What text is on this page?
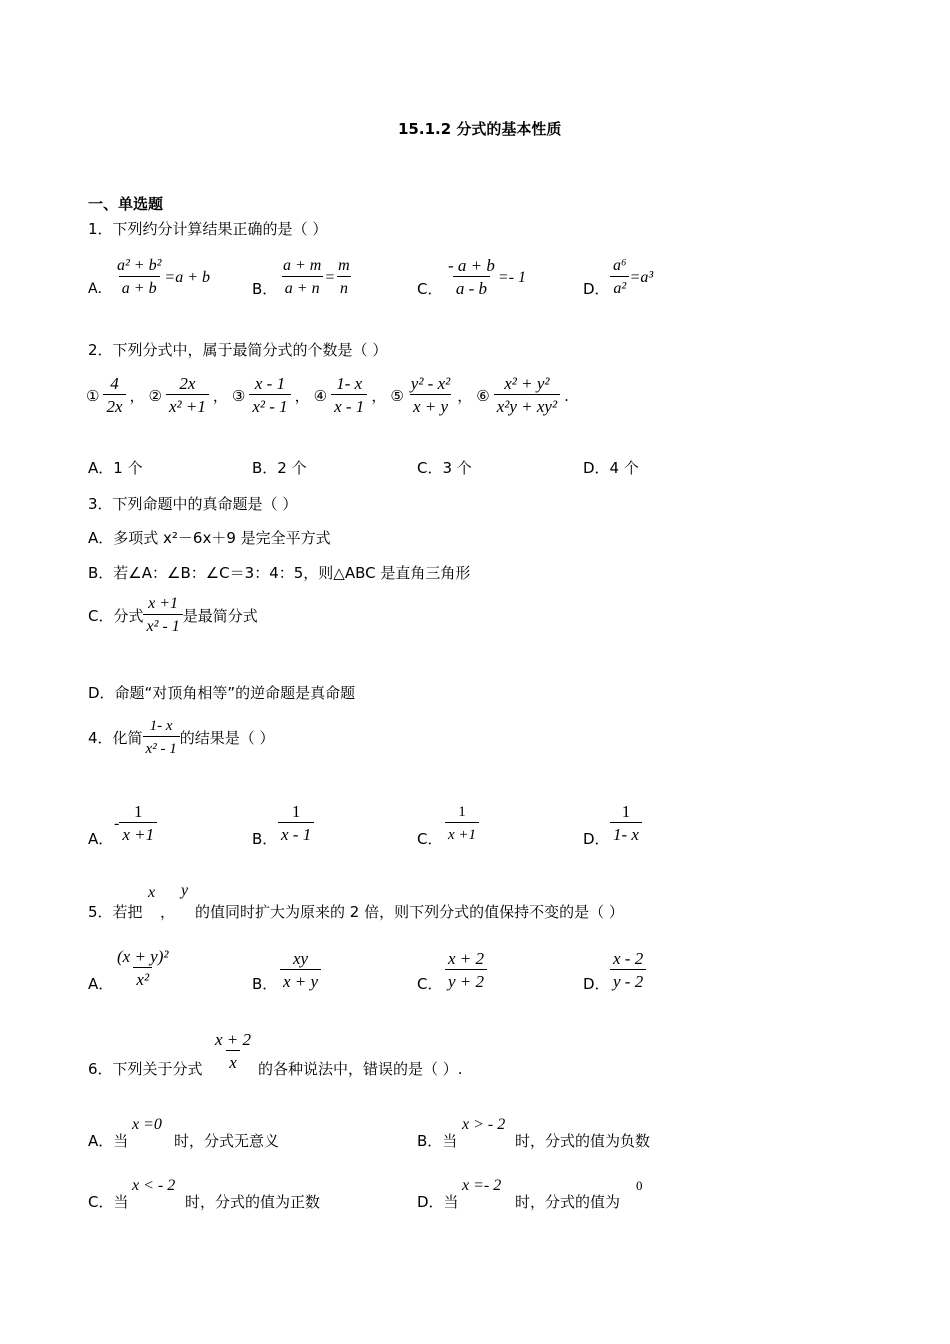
15.1.2 分式的基本性质
一、单选题
1．下列约分计算结果正确的是（ ）
A． $\frac{\text{a² + b²}}{a + b} =a + b$
B． $\frac{a + m}{a + n} = \frac{m}{n}$	C． $\frac{- a + b}{a - b} =- 1$
D． $\frac{\text{a⁶}}{\text{a²}} =a^3$
2．下列分式中，属于最简分式的个数是（ ）
① $\frac{4}{2x}$ ， ② $\frac{2x}{\text{x² +1}}$ ， ③ $\frac{x - 1}{\text{x² - 1}}$ ， ④ $\frac{1- x}{x - 1}$ ， ⑤ $\frac{\text{y² - x²}}{x + y}$ ， ⑥ $\frac{\text{x² + y²}}{\text{x²y + xy²}}$ .
A．1 个	B．2 个	C．3 个	D．4 个
3．下列命题中的真命题是（ ）
A．多项式 x²－6x＋9 是完全平方式
B．若∠A：∠B：∠C＝3：4：5，则△ABC 是直角三角形
C．分式 $\frac{x +1}{\text{x² - 1}}$ 是最简分式
D．命题“对顶角相等”的逆命题是真命题
4．化简 $\frac{1- x}{\text{x² - 1}}$ 的结果是（ ）
A．
- $\frac{1}{x +1}$	B． $\frac{1}{x - 1}$	C． $\frac{1}{x +1}$	D． $\frac{1}{1- x}$
5．若把
x
，
y
的值同时扩大为原来的 2 倍，则下列分式的值保持不变的是（ ）
A． $\frac{\text{(x + y)²}}{\text{x²}}$	B． $\frac{xy}{x + y}$	C． $\frac{x + 2}{y + 2}$	D． $\frac{x - 2}{y - 2}$
6．下列关于分式 $\frac{x + 2}{x}$ 的各种说法中，错误的是（ ）.
A．当
x =0
时，分式无意义	B．当
x > - 2
时，分式的值为负数
C．当
x < - 2
时，分式的值为正数	D．当
x =- 2
时，分式的值为
0
